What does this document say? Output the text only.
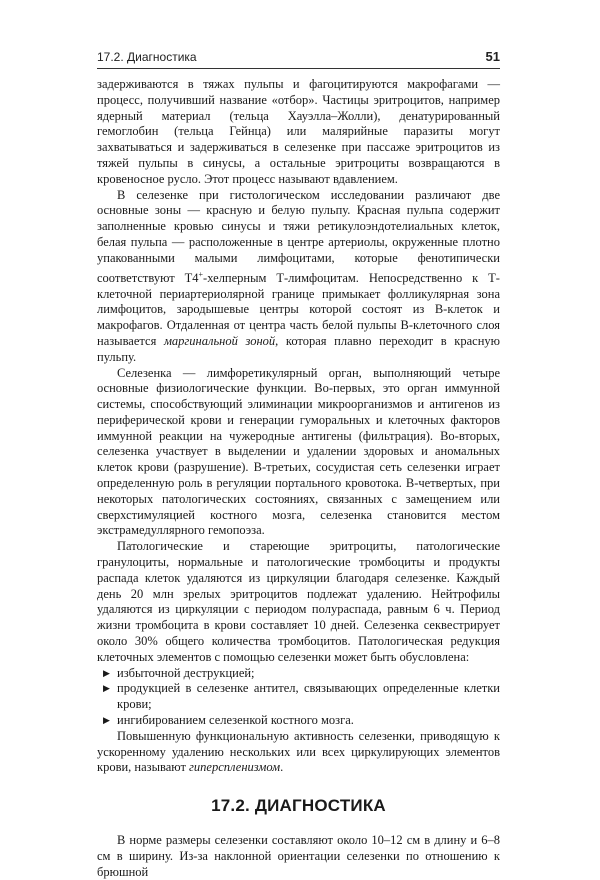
17.2. Диагностика	51

задерживаются в тяжах пульпы и фагоцитируются макрофагами — процесс, получивший название «отбор». Частицы эритроцитов, например ядерный материал (тельца Хауэлла–Жолли), денатурированный гемоглобин (тельца Гейнца) или малярийные паразиты могут захватываться и задерживаться в селезенке при пассаже эритроцитов из тяжей пульпы в синусы, а остальные эритроциты возвращаются в кровеносное русло. Этот процесс называют вдавлением.

В селезенке при гистологическом исследовании различают две основные зоны — красную и белую пульпу. Красная пульпа содержит заполненные кровью синусы и тяжи ретикулоэндотелиальных клеток, белая пульпа — расположенные в центре артериолы, окруженные плотно упакованными малыми лимфоцитами, которые фенотипически соответствуют Т4+-хелперным Т-лимфоцитам. Непосредственно к Т-клеточной периартериолярной границе примыкает фолликулярная зона лимфоцитов, зародышевые центры которой состоят из В-клеток и макрофагов. Отдаленная от центра часть белой пульпы В-клеточного слоя называется маргинальной зоной, которая плавно переходит в красную пульпу.

Селезенка — лимфоретикулярный орган, выполняющий четыре основные физиологические функции. Во-первых, это орган иммунной системы, способствующий элиминации микроорганизмов и антигенов из периферической крови и генерации гуморальных и клеточных факторов иммунной реакции на чужеродные антигены (фильтрация). Во-вторых, селезенка участвует в выделении и удалении здоровых и аномальных клеток крови (разрушение). В-третьих, сосудистая сеть селезенки играет определенную роль в регуляции портального кровотока. В-четвертых, при некоторых патологических состояниях, связанных с замещением или сверхстимуляцией костного мозга, селезенка становится местом экстрамедуллярного гемопоэза.

Патологические и стареющие эритроциты, патологические гранулоциты, нормальные и патологические тромбоциты и продукты распада клеток удаляются из циркуляции благодаря селезенке. Каждый день 20 млн зрелых эритроцитов подлежат удалению. Нейтрофилы удаляются из циркуляции с периодом полураспада, равным 6 ч. Период жизни тромбоцита в крови составляет 10 дней. Селезенка секвестрирует около 30% общего количества тромбоцитов. Патологическая редукция клеточных элементов с помощью селезенки может быть обусловлена:

▶ избыточной деструкцией;
▶ продукцией в селезенке антител, связывающих определенные клетки крови;
▶ ингибированием селезенкой костного мозга.

Повышенную функциональную активность селезенки, приводящую к ускоренному удалению нескольких или всех циркулирующих элементов крови, называют гиперспленизмом.

17.2. ДИАГНОСТИКА

В норме размеры селезенки составляют около 10–12 см в длину и 6–8 см в ширину. Из-за наклонной ориентации селезенки по отношению к брюшной
